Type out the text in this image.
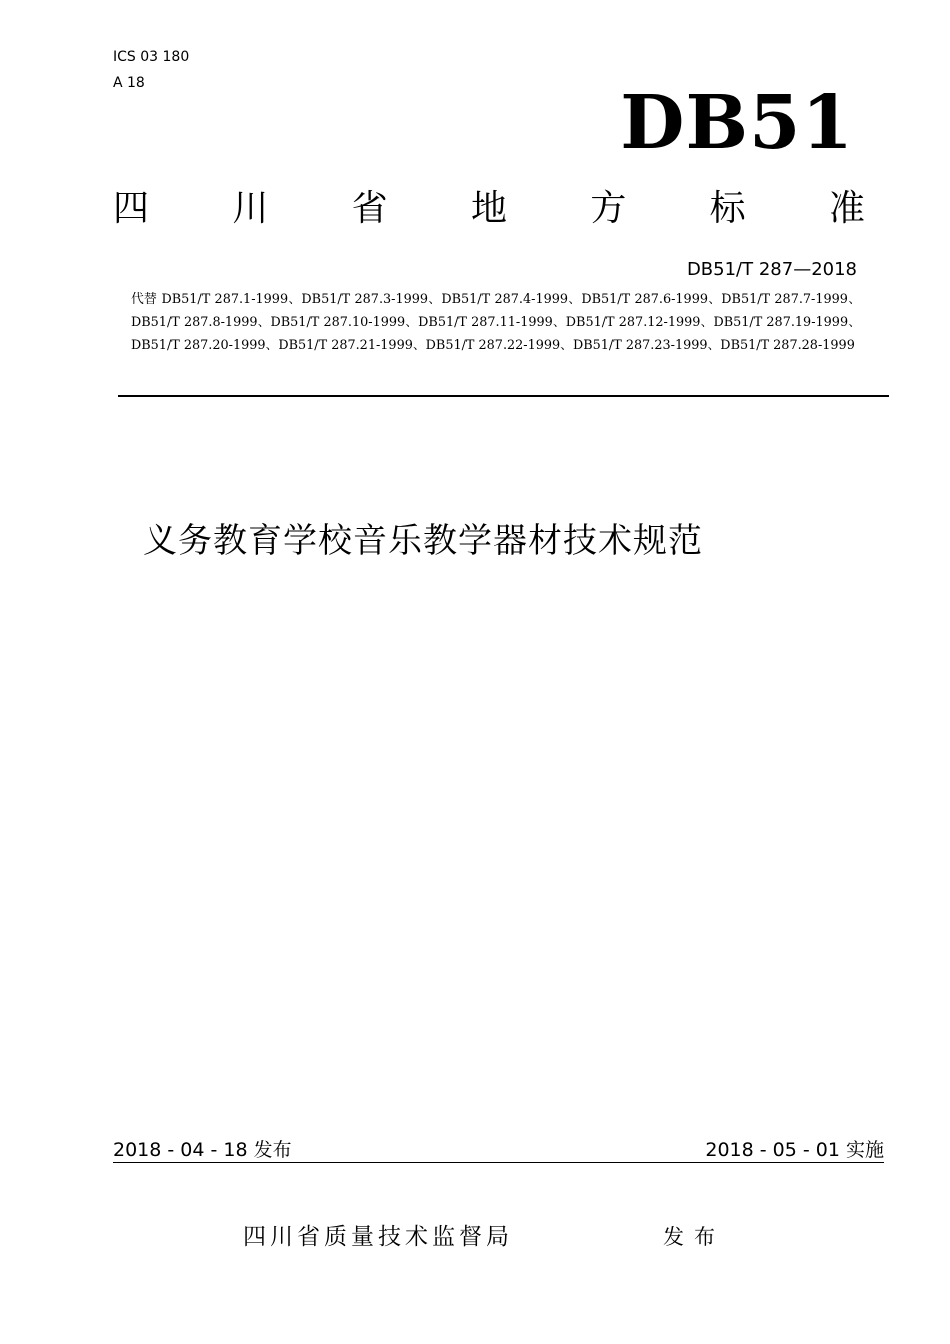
ICS 03 180
A 18	DB51
四 川 省 地 方 标 准
DB51/T 287—2018
代替 DB51/T 287.1-1999、DB51/T 287.3-1999、DB51/T 287.4-1999、DB51/T 287.6-1999、DB51/T 287.7-1999、DB51/T 287.8-1999、DB51/T 287.10-1999、DB51/T 287.11-1999、DB51/T 287.12-1999、DB51/T 287.19-1999、DB51/T 287.20-1999、DB51/T 287.21-1999、DB51/T 287.22-1999、DB51/T 287.23-1999、DB51/T 287.28-1999
义务教育学校音乐教学器材技术规范
2018 - 04 - 18 发布	2018 - 05 - 01 实施
四川省质量技术监督局	发布
